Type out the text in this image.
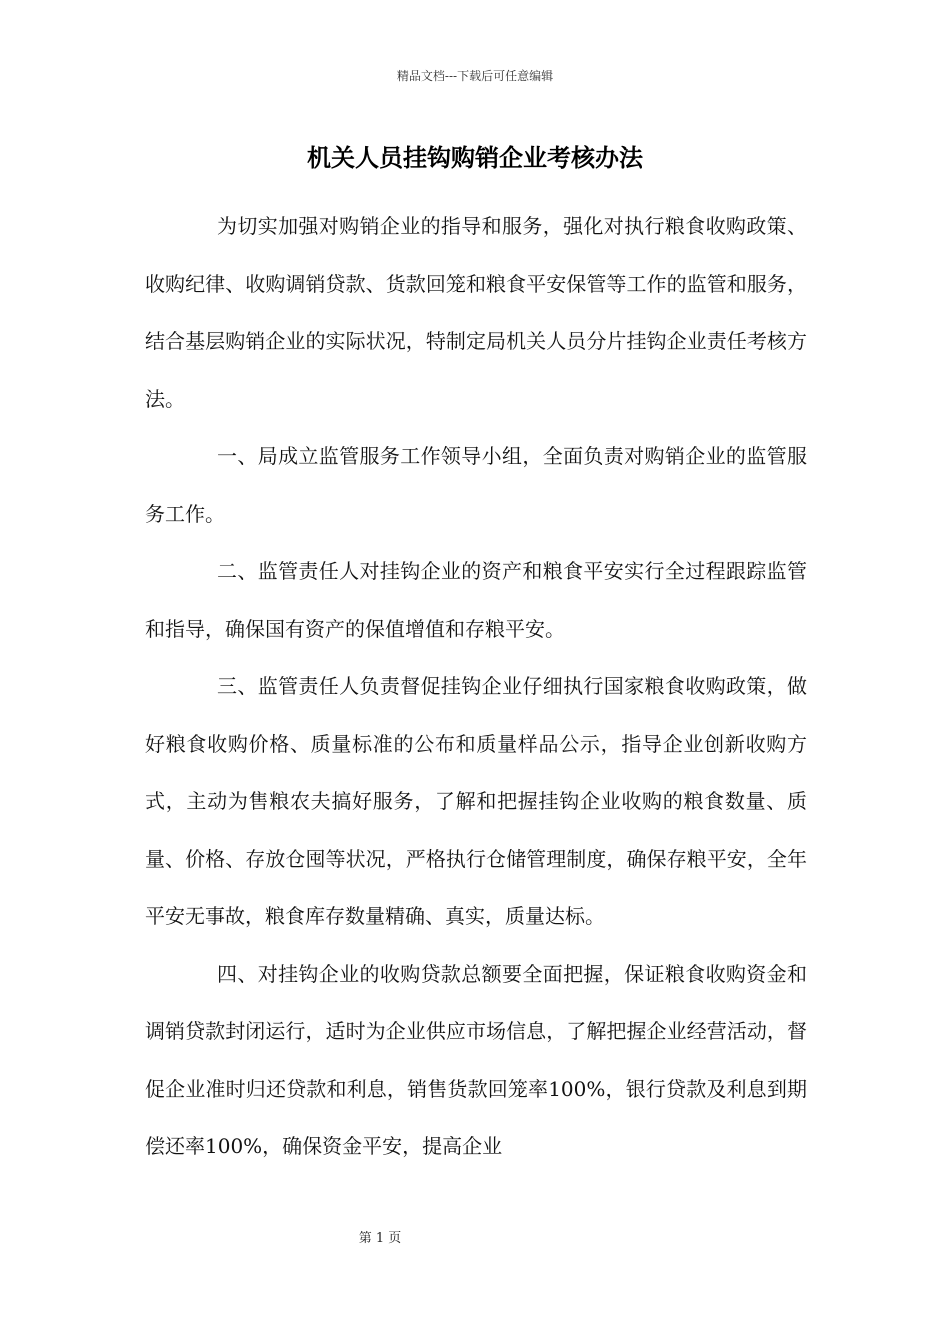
精品文档---下载后可任意编辑
机关人员挂钩购销企业考核办法

为切实加强对购销企业的指导和服务，强化对执行粮食收购政策、收购纪律、收购调销贷款、货款回笼和粮食平安保管等工作的监管和服务，结合基层购销企业的实际状况，特制定局机关人员分片挂钩企业责任考核方法。

一、局成立监管服务工作领导小组，全面负责对购销企业的监管服务工作。

二、监管责任人对挂钩企业的资产和粮食平安实行全过程跟踪监管和指导，确保国有资产的保值增值和存粮平安。

三、监管责任人负责督促挂钩企业仔细执行国家粮食收购政策，做好粮食收购价格、质量标准的公布和质量样品公示，指导企业创新收购方式，主动为售粮农夫搞好服务，了解和把握挂钩企业收购的粮食数量、质量、价格、存放仓囤等状况，严格执行仓储管理制度，确保存粮平安，全年平安无事故，粮食库存数量精确、真实，质量达标。

四、对挂钩企业的收购贷款总额要全面把握，保证粮食收购资金和调销贷款封闭运行，适时为企业供应市场信息，了解把握企业经营活动，督促企业准时归还贷款和利息，销售货款回笼率100%，银行贷款及利息到期偿还率100%，确保资金平安，提高企业

第 1 页
